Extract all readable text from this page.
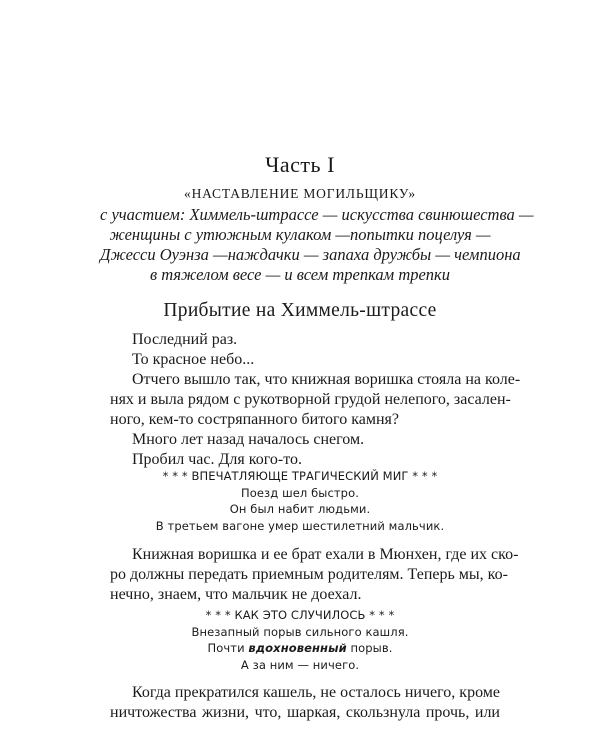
Часть I
«НАСТАВЛЕНИЕ МОГИЛЬЩИКУ»
с участием: Химмель-штрассе — искусства свинюшества —
женщины с утюжным кулаком —попытки поцелуя —
Джесси Оуэнза —наждачки — запаха дружбы — чемпиона
в тяжелом весе — и всем трепкам трепки
Прибытие на Химмель-штрассе
Последний раз.
То красное небо...
Отчего вышло так, что книжная воришка стояла на коле-
нях и выла рядом с рукотворной грудой нелепого, засален-
ного, кем-то состряпанного битого камня?
Много лет назад началось снегом.
Пробил час. Для кого-то.
* * * ВПЕЧАТЛЯЮЩЕ ТРАГИЧЕСКИЙ МИГ * * *
Поезд шел быстро.
Он был набит людьми.
В третьем вагоне умер шестилетний мальчик.
Книжная воришка и ее брат ехали в Мюнхен, где их ско-
ро должны передать приемным родителям. Теперь мы, ко-
нечно, знаем, что мальчик не доехал.
* * * КАК ЭТО СЛУЧИЛОСЬ * * *
Внезапный порыв сильного кашля.
Почти вдохновенный порыв.
А за ним — ничего.
Когда прекратился кашель, не осталось ничего, кроме
ничтожества жизни, что, шаркая, скользнула прочь, или
